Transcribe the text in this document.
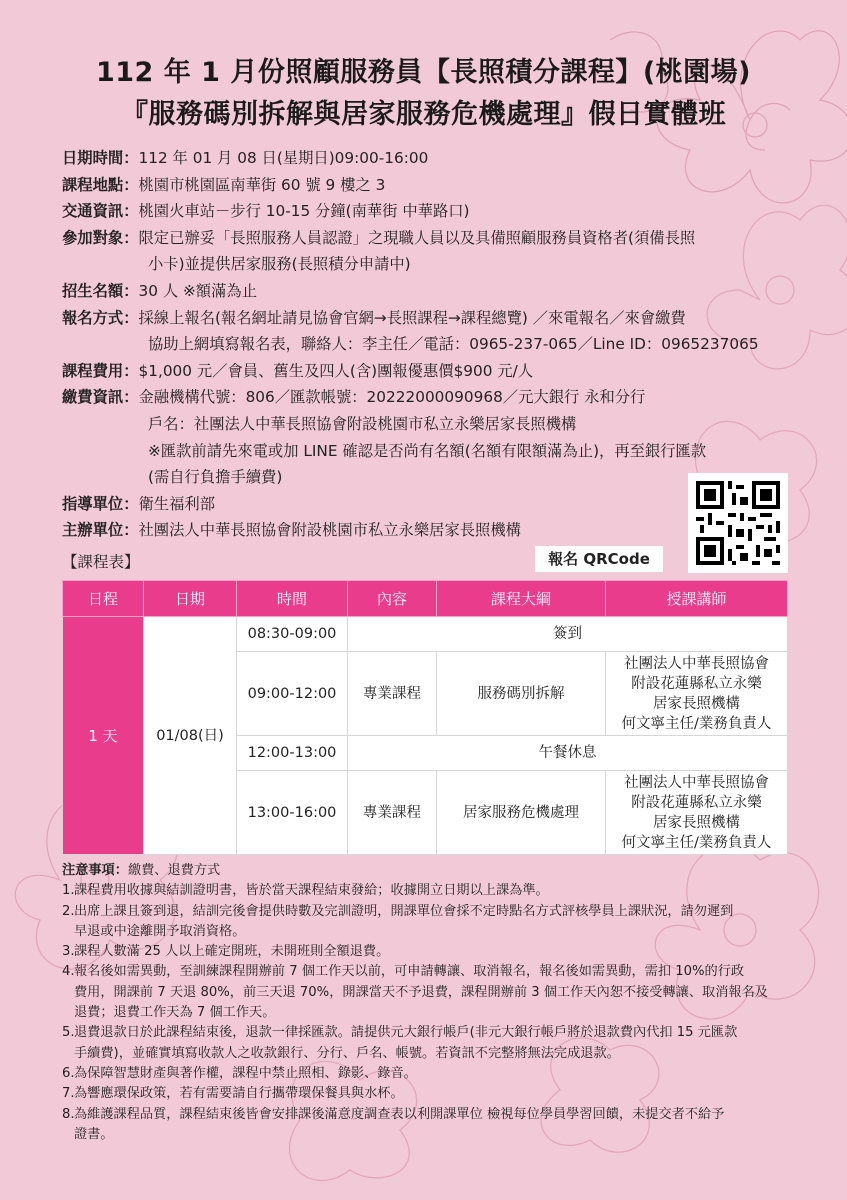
112 年 1 月份照顧服務員【長照積分課程】(桃園場)
『服務碼別拆解與居家服務危機處理』假日實體班
日期時間： 112 年 01 月 08 日(星期日)09:00-16:00
課程地點： 桃園市桃園區南華街 60 號 9 樓之 3
交通資訊： 桃園火車站－步行 10-15 分鐘(南華街 中華路口)
參加對象： 限定已辦妥「長照服務人員認證」之現職人員以及具備照顧服務員資格者(須備長照
小卡)並提供居家服務(長照積分申請中)
招生名額： 30 人 ※額滿為止
報名方式： 採線上報名(報名網址請見協會官網→長照課程→課程總覽) ／來電報名／來會繳費
協助上網填寫報名表，聯絡人：李主任／電話：0965-237-065／Line ID：0965237065
課程費用： $1,000 元／會員、舊生及四人(含)團報優惠價$900 元/人
繳費資訊： 金融機構代號：806／匯款帳號：20222000090968／元大銀行 永和分行
戶名：社團法人中華長照協會附設桃園市私立永樂居家長照機構
※匯款前請先來電或加 LINE 確認是否尚有名額(名額有限額滿為止)，再至銀行匯款
(需自行負擔手續費)
指導單位： 衛生福利部
主辦單位： 社團法人中華長照協會附設桃園市私立永樂居家長照機構
報名 QRCode
【課程表】
日程	日期	時間	內容	課程大綱	授課講師
1 天	01/08(日)	08:30-09:00	簽到		
		09:00-12:00	專業課程	服務碼別拆解	社團法人中華長照協會
附設花蓮縣私立永樂
居家長照機構
何文寧主任/業務負責人

		12:00-13:00	午餐休息		
		13:00-16:00	專業課程	居家服務危機處理	社團法人中華長照協會
附設花蓮縣私立永樂
居家長照機構
何文寧主任/業務負責人
注意事項：繳費、退費方式
1. 課程費用收據與結訓證明書，皆於當天課程結束發給；收據開立日期以上課為準。
2. 出席上課且簽到退，結訓完後會提供時數及完訓證明，開課單位會採不定時點名方式評核學員上課狀況，請勿遲到
早退或中途離開予取消資格。
3. 課程人數滿 25 人以上確定開班，未開班則全額退費。
4. 報名後如需異動，至訓練課程開辦前 7 個工作天以前，可申請轉讓、取消報名，報名後如需異動，需扣 10%的行政
費用，開課前 7 天退 80%，前三天退 70%，開課當天不予退費，課程開辦前 3 個工作天內恕不接受轉讓、取消報名及
退費；退費工作天為 7 個工作天。
5. 退費退款日於此課程結束後，退款一律採匯款。請提供元大銀行帳戶(非元大銀行帳戶將於退款費內代扣 15 元匯款
手續費)，並確實填寫收款人之收款銀行、分行、戶名、帳號。若資訊不完整將無法完成退款。
6. 為保障智慧財產與著作權，課程中禁止照相、錄影、錄音。
7. 為響應環保政策，若有需要請自行攜帶環保餐具與水杯。
8. 為維護課程品質，課程結束後皆會安排課後滿意度調查表以利開課單位 檢視每位學員學習回饋，未提交者不給予
證書。
